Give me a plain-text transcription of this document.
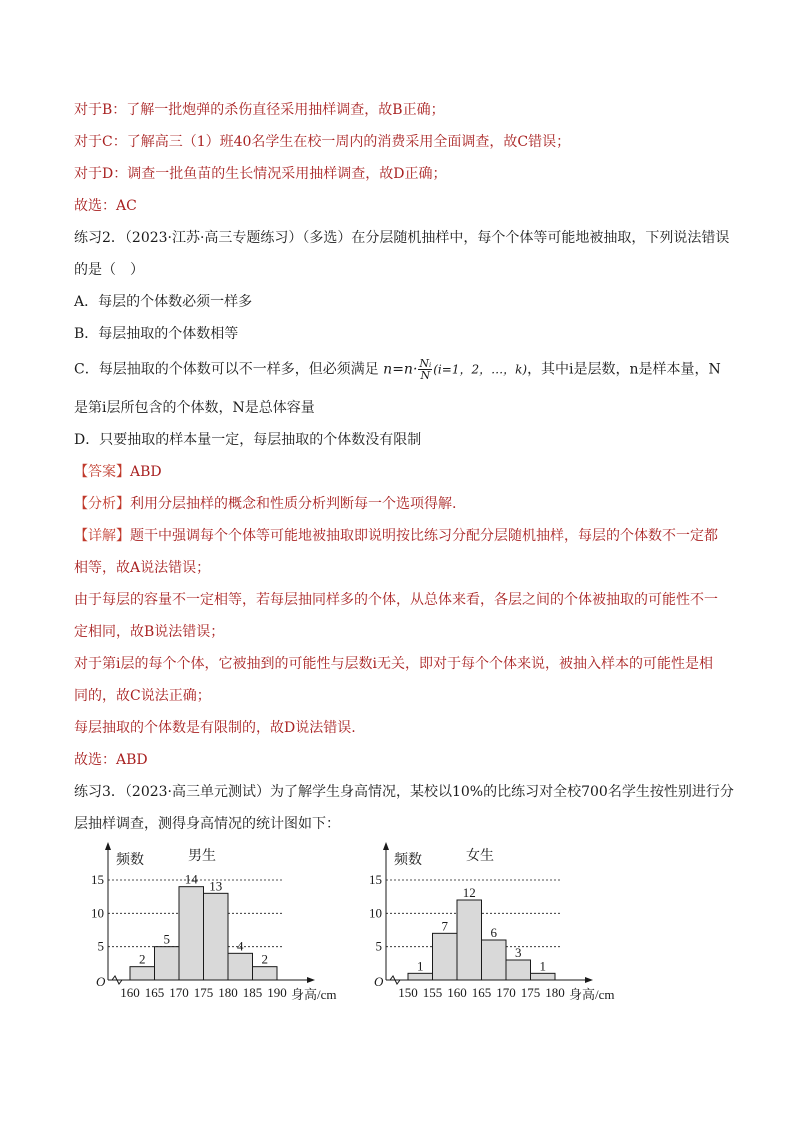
对于B：了解一批炮弹的杀伤直径采用抽样调查，故B正确；
对于C：了解高三（1）班40名学生在校一周内的消费采用全面调查，故C错误；
对于D：调查一批鱼苗的生长情况采用抽样调查，故D正确；
故选：AC
练习2．（2023·江苏·高三专题练习）（多选）在分层随机抽样中，每个个体等可能地被抽取，下列说法错误
的是（　）
A．每层的个体数必须一样多
B．每层抽取的个体数相等
C．每层抽取的个体数可以不一样多，但必须满足 $n=n\cdot \frac{\text{Nᵢ}}{N} (i=1$，2，…，k)，其中i是层数，n是样本量，N
是第i层所包含的个体数，N是总体容量
D．只要抽取的样本量一定，每层抽取的个体数没有限制
【答案】ABD
【分析】利用分层抽样的概念和性质分析判断每一个选项得解.
【详解】题干中强调每个个体等可能地被抽取即说明按比练习分配分层随机抽样，每层的个体数不一定都
相等，故A说法错误；
由于每层的容量不一定相等，若每层抽同样多的个体，从总体来看，各层之间的个体被抽取的可能性不一
定相同，故B说法错误；
对于第i层的每个个体，它被抽到的可能性与层数i无关，即对于每个个体来说，被抽入样本的可能性是相
同的，故C说法正确；
每层抽取的个体数是有限制的，故D说法错误.
故选：ABD
练习3．（2023·高三单元测试）为了解学生身高情况，某校以10%的比练习对全校700名学生按性别进行分
层抽样调查，测得身高情况的统计图如下：
5
10
15
O
频数	男生
2
5
14 13
4
2
160 165 170 175 180 185 190 身高/cm
5
10
15
O
频数	女生
1
7
12
6
3
1
150 155 160 165 170 175 180 身高/cm
